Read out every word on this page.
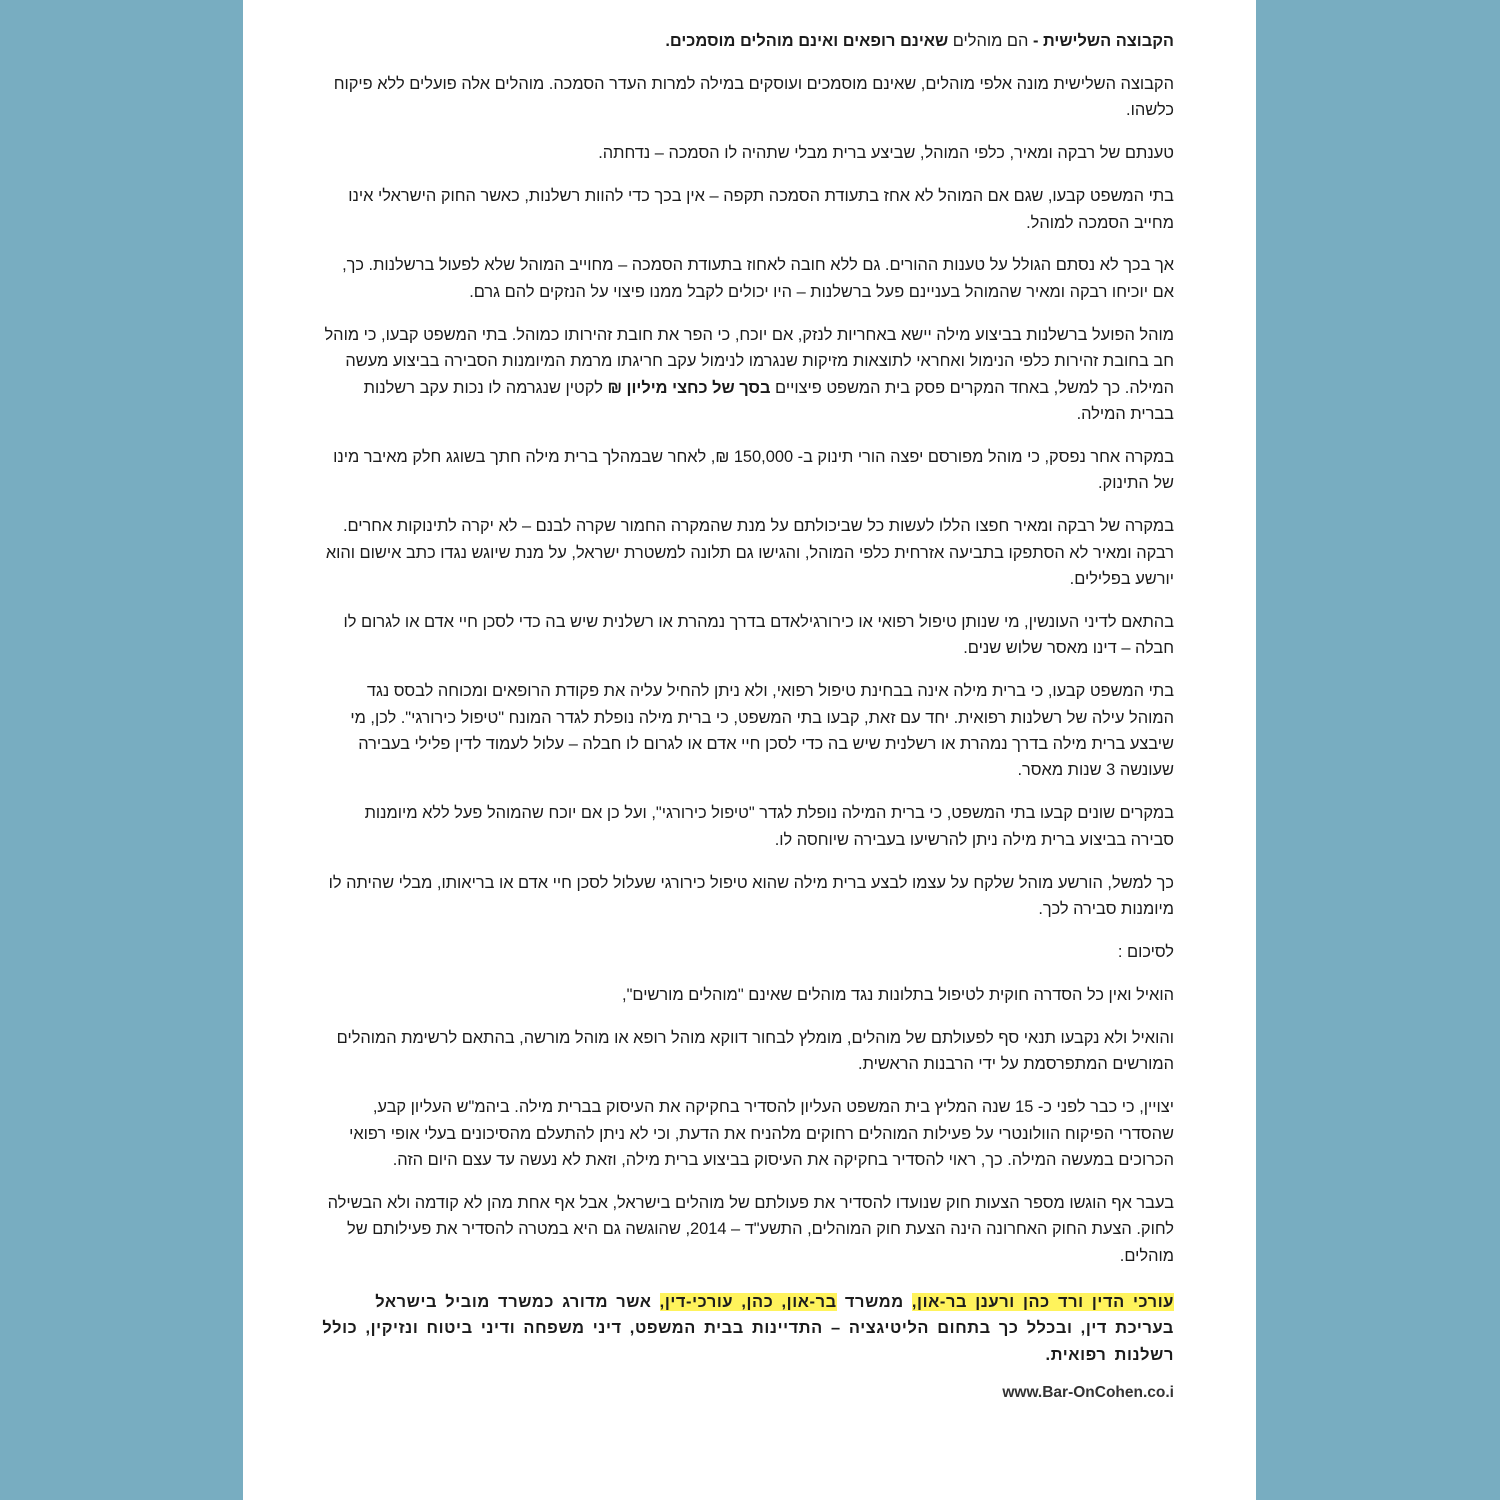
הקבוצה השלישית - הם מוהלים שאינם רופאים ואינם מוהלים מוסמכים.

הקבוצה השלישית מונה אלפי מוהלים, שאינם מוסמכים ועוסקים במילה למרות העדר הסמכה. מוהלים אלה פועלים ללא פיקוח כלשהו.

טענתם של רבקה ומאיר, כלפי המוהל, שביצע ברית מבלי שתהיה לו הסמכה – נדחתה.

בתי המשפט קבעו, שגם אם המוהל לא אחז בתעודת הסמכה תקפה – אין בכך כדי להוות רשלנות, כאשר החוק הישראלי אינו מחייב הסמכה למוהל.

אך בכך לא נסתם הגולל על טענות ההורים. גם ללא חובה לאחוז בתעודת הסמכה – מחוייב המוהל שלא לפעול ברשלנות. כך, אם יוכיחו רבקה ומאיר שהמוהל בעניינם פעל ברשלנות – היו יכולים לקבל ממנו פיצוי על הנזקים להם גרם.

מוהל הפועל ברשלנות בביצוע מילה יישא באחריות לנזק, אם יוכח, כי הפר את חובת זהירותו כמוהל. בתי המשפט קבעו, כי מוהל חב בחובת זהירות כלפי הנימול ואחראי לתוצאות מזיקות שנגרמו לנימול עקב חריגתו מרמת המיומנות הסבירה בביצוע מעשה המילה. כך למשל, באחד המקרים פסק בית המשפט פיצויים בסך של כחצי מיליון ₪ לקטין שנגרמה לו נכות עקב רשלנות בברית המילה.

במקרה אחר נפסק, כי מוהל מפורסם יפצה הורי תינוק ב- 150,000 ₪, לאחר שבמהלך ברית מילה חתך בשוגג חלק מאיבר מינו של התינוק.

במקרה של רבקה ומאיר חפצו הללו לעשות כל שביכולתם על מנת שהמקרה החמור שקרה לבנם – לא יקרה לתינוקות אחרים. רבקה ומאיר לא הסתפקו בתביעה אזרחית כלפי המוהל, והגישו גם תלונה למשטרת ישראל, על מנת שיוגש נגדו כתב אישום והוא יורשע בפלילים.

בהתאם לדיני העונשין, מי שנותן טיפול רפואי או כירורגילאדם בדרך נמהרת או רשלנית שיש בה כדי לסכן חיי אדם או לגרום לו חבלה – דינו מאסר שלוש שנים.

בתי המשפט קבעו, כי ברית מילה אינה בבחינת טיפול רפואי, ולא ניתן להחיל עליה את פקודת הרופאים ומכוחה לבסס נגד המוהל עילה של רשלנות רפואית. יחד עם זאת, קבעו בתי המשפט, כי ברית מילה נופלת לגדר המונח "טיפול כירורגי". לכן, מי שיבצע ברית מילה בדרך נמהרת או רשלנית שיש בה כדי לסכן חיי אדם או לגרום לו חבלה – עלול לעמוד לדין פלילי בעבירה שעונשה 3 שנות מאסר.

במקרים שונים קבעו בתי המשפט, כי ברית המילה נופלת לגדר "טיפול כירורגי", ועל כן אם יוכח שהמוהל פעל ללא מיומנות סבירה בביצוע ברית מילה ניתן להרשיעו בעבירה שיוחסה לו.

כך למשל, הורשע מוהל שלקח על עצמו לבצע ברית מילה שהוא טיפול כירורגי שעלול לסכן חיי אדם או בריאותו, מבלי שהיתה לו מיומנות סבירה לכך.

לסיכום :

הואיל ואין כל הסדרה חוקית לטיפול בתלונות נגד מוהלים שאינם "מוהלים מורשים",

והואיל ולא נקבעו תנאי סף לפעולתם של מוהלים, מומלץ לבחור דווקא מוהל רופא או מוהל מורשה, בהתאם לרשימת המוהלים המורשים המתפרסמת על ידי הרבנות הראשית.

יצויין, כי כבר לפני כ- 15 שנה המליץ בית המשפט העליון להסדיר בחקיקה את העיסוק בברית מילה. ביהמ"ש העליון קבע, שהסדרי הפיקוח הוולונטרי על פעילות המוהלים רחוקים מלהניח את הדעת, וכי לא ניתן להתעלם מהסיכונים בעלי אופי רפואי הכרוכים במעשה המילה. כך, ראוי להסדיר בחקיקה את העיסוק בביצוע ברית מילה, וזאת לא נעשה עד עצם היום הזה.

בעבר אף הוגשו מספר הצעות חוק שנועדו להסדיר את פעולתם של מוהלים בישראל, אבל אף אחת מהן לא קודמה ולא הבשילה לחוק. הצעת החוק האחרונה הינה הצעת חוק המוהלים, התשע"ד – 2014, שהוגשה גם היא במטרה להסדיר את פעילותם של מוהלים.

עורכי הדין ורד כהן ורענן בר-און, ממשרד בר-און, כהן, עורכי-דין, אשר מדורג כמשרד מוביל בישראל בעריכת דין, ובכלל כך בתחום הליטיגציה – התדיינות בבית המשפט, דיני משפחה ודיני ביטוח ונזיקין, כולל רשלנות רפואית.

www.Bar-OnCohen.co.i
